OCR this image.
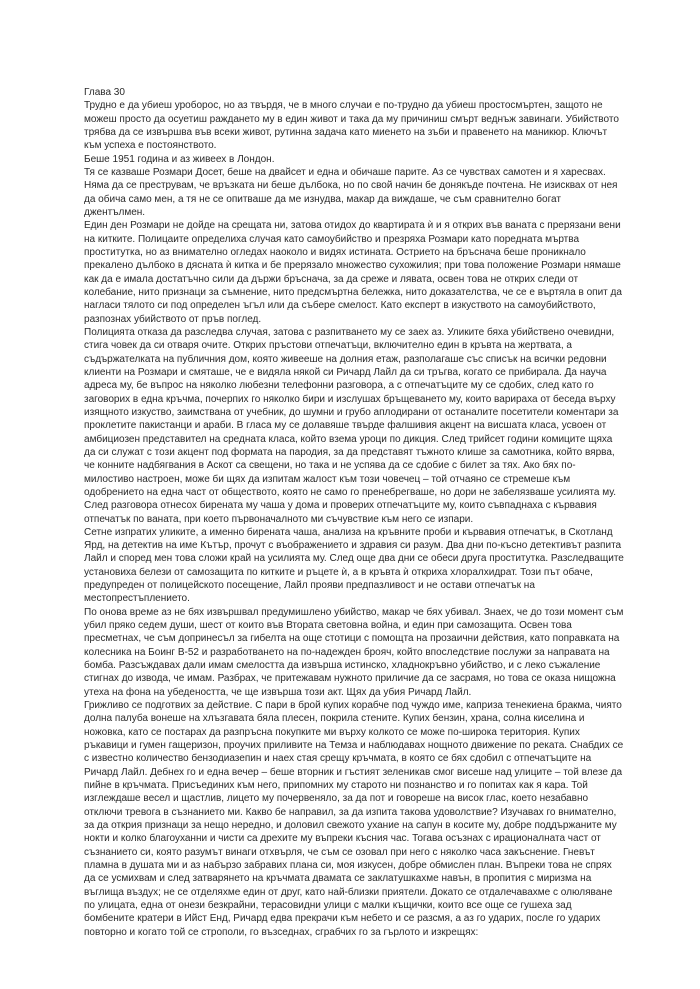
Глава 30

Трудно е да убиеш уроборос, но аз твърдя, че в много случаи е по-трудно да убиеш простосмъртен, защото не можеш просто да осуетиш раждането му в един живот и така да му причиниш смърт веднъж завинаги. Убийството трябва да се извършва във всеки живот, рутинна задача като миенето на зъби и правенето на маникюр. Ключът към успеха е постоянството.

Беше 1951 година и аз живеех в Лондон.

Тя се казваше Розмари Досет, беше на двайсет и една и обичаше парите. Аз се чувствах самотен и я харесвах. Няма да се преструвам, че връзката ни беше дълбока, но по свой начин бе донякъде почтена. Не изисквах от нея да обича само мен, а тя не се опитваше да ме изнудва, макар да виждаше, че съм сравнително богат джентълмен.

Един ден Розмари не дойде на срещата ни, затова отидох до квартирата ѝ и я открих във ваната с прерязани вени на китките. Полицаите определиха случая като самоубийство и презряха Розмари като поредната мъртва проститутка, но аз внимателно огледах наоколо и видях истината. Острието на бръснача беше проникнало прекалено дълбоко в дясната ѝ китка и бе прерязало множество сухожилия; при това положение Розмари нямаше как да е имала достатъчно сили да държи бръснача, за да среже и лявата, освен това не открих следи от колебание, нито признаци за съмнение, нито предсмъртна бележка, нито доказателства, че се е въртяла в опит да нагласи тялото си под определен ъгъл или да събере смелост. Като експерт в изкуството на самоубийството, разпознах убийството от пръв поглед.

Полицията отказа да разследва случая, затова с разпитването му се заех аз. Уликите бяха убийствено очевидни, стига човек да си отваря очите. Открих пръстови отпечатъци, включително един в кръвта на жертвата, а съдържателката на публичния дом, която живееше на долния етаж, разполагаше със списък на всички редовни клиенти на Розмари и смяташе, че е видяла някой си Ричард Лайл да си тръгва, когато се прибирала. Да науча адреса му, бе въпрос на няколко любезни телефонни разговора, а с отпечатъците му се сдобих, след като го заговорих в една кръчма, почерпих го няколко бири и изслушах бръщеването му, които варираха от беседа върху изящното изкуство, заимствана от учебник, до шумни и грубо аплодирани от останалите посетители коментари за проклетите пакистанци и араби. В гласа му се долавяше твърде фалшивия акцент на висшата класа, усвоен от амбициозен представител на средната класа, който взема уроци по дикция. След трийсет години комиците щяха да си служат с този акцент под формата на пародия, за да представят тъжното клише за самотника, който вярва, че конните надбягвания в Аскот са свещени, но така и не успява да се сдобие с билет за тях. Ако бях по-милостиво настроен, може би щях да изпитам жалост към този човечец – той отчаяно се стремеше към одобрението на една част от обществото, която не само го пренебрегваше, но дори не забелязваше усилията му. След разговора отнесох бирената му чаша у дома и проверих отпечатъците му, които съвпаднаха с кървавия отпечатък по ваната, при което първоначалното ми съчувствие към него се изпари.

Сетне изпратих уликите, а именно бирената чаша, анализа на кръвните проби и кървавия отпечатък, в Скотланд Ярд, на детектив на име Кътър, прочут с въображението и здравия си разум. Два дни по-късно детективът разпита Лайл и според мен това сложи край на усилията му. След още два дни се обеси друга проститутка. Разследващите установиха белези от самозащита по китките и ръцете ѝ, а в кръвта ѝ откриха хлоралхидрат. Този път обаче, предупреден от полицейското посещение, Лайл прояви предпазливост и не остави отпечатък на местопрестъплението.

По онова време аз не бях извършвал предумишлено убийство, макар че бях убивал. Знаех, че до този момент съм убил пряко седем души, шест от които във Втората световна война, и един при самозащита. Освен това пресметнах, че съм допринесъл за гибелта на още стотици с помощта на прозаични действия, като поправката на колесника на Боинг В-52 и разработването на по-надежден брояч, който впоследствие послужи за направата на бомба. Разсъждавах дали имам смелостта да извърша истинско, хладнокръвно убийство, и с леко съжаление стигнах до извода, че имам. Разбрах, че притежавам нужното приличие да се засрамя, но това се оказа нищожна утеха на фона на убедеността, че ще извърша този акт. Щях да убия Ричард Лайл.

Грижливо се подготвих за действие. С пари в брой купих корабче под чуждо име, каприза тенекиена бракма, чиято долна палуба вонеше на хлъзгавата бяла плесен, покрила стените. Купих бензин, храна, солна киселина и ножовка, като се постарах да разпръсна покупките ми върху колкото се може по-широка територия. Купих ръкавици и гумен гащеризон, проучих приливите на Темза и наблюдавах нощното движение по реката. Снабдих се с известно количество бензодиазепин и наех стая срещу кръчмата, в която се бях сдобил с отпечатъците на Ричард Лайл. Дебнех го и една вечер – беше вторник и гъстият зеленикав смог висеше над улиците – той влезе да пийне в кръчмата. Присъединих към него, припомних му старото ни познанство и го попитах как я кара. Той изглеждаше весел и щастлив, лицето му почервеняло, за да пот и говореше на висок глас, което незабавно отключи тревога в съзнанието ми. Какво бе направил, за да изпита такова удоволствие? Изучавах го внимателно, за да открия признаци за нещо нередно, и доловил свежото ухание на сапун в косите му, добре поддържаните му нокти и колко благоуханни и чисти са дрехите му въпреки късния час. Тогава осъзнах с ирационалната част от съзнанието си, която разумът винаги отхвърля, че съм се озовал при него с няколко часа закъснение. Гневът пламна в душата ми и аз набързо забравих плана си, моя изкусен, добре обмислен план. Въпреки това не спрях да се усмихвам и след затварянето на кръчмата двамата се заклатушкахме навън, в пропития с миризма на въглища въздух; не се отделяхме един от друг, като най-близки приятели. Докато се отдалечавахме с олюляване по улицата, една от онези безкрайни, терасовидни улици с малки къщички, които все още се гушеха зад бомбените кратери в Ийст Енд, Ричард едва прекрачи към небето и се разсмя, а аз го ударих, после го ударих повторно и когато той се строполи, го възседнах, сграбчих го за гърлото и изкрещях:
